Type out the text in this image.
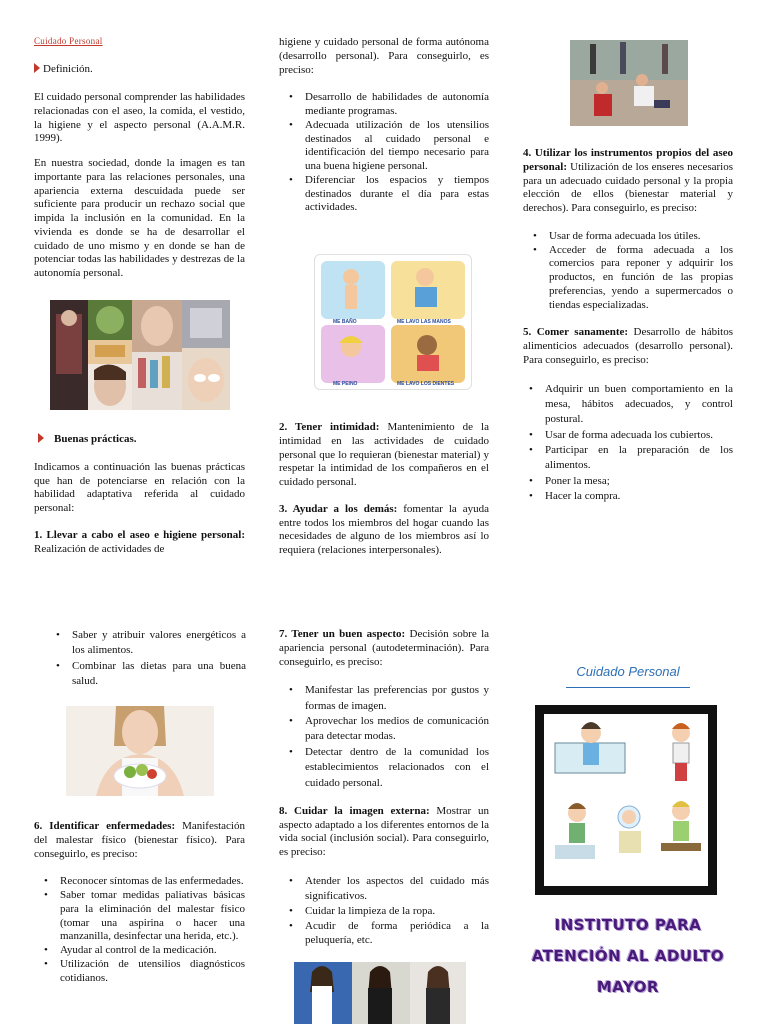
Cuidado Personal

Definición.

El cuidado personal comprender las habilidades relacionadas con el aseo, la comida, el vestido, la higiene y el aspecto personal (A.A.M.R. 1999).

En nuestra sociedad, donde la imagen es tan importante para las relaciones personales, una apariencia externa descuidada puede ser suficiente para producir un rechazo social que impida la inclusión en la comunidad. En la vivienda es donde se ha de desarrollar el cuidado de uno mismo y en donde se han de potenciar todas las habilidades y destrezas de la autonomía personal.

Buenas prácticas.

Indicamos a continuación las buenas prácticas que han de potenciarse en relación con la habilidad adaptativa referida al cuidado personal:

1. Llevar a cabo el aseo e higiene personal: Realización de actividades de

higiene y cuidado personal de forma autónoma (desarrollo personal). Para conseguirlo, es preciso:

• Desarrollo de habilidades de autonomía mediante programas.
• Adecuada utilización de los utensilios destinados al cuidado personal e identificación del tiempo necesario para una buena higiene personal.
• Diferenciar los espacios y tiempos destinados durante el día para estas actividades.
ME BAÑO	ME LAVO LAS MANOS
ME PEINO	ME LAVO LOS DIENTES

2. Tener intimidad: Mantenimiento de la intimidad en las actividades de cuidado personal que lo requieran (bienestar material) y respetar la intimidad de los compañeros en el cuidado personal.

3. Ayudar a los demás: fomentar la ayuda entre todos los miembros del hogar cuando las necesidades de alguno de los miembros así lo requiera (relaciones interpersonales).

4. Utilizar los instrumentos propios del aseo personal: Utilización de los enseres necesarios para un adecuado cuidado personal y la propia elección de ellos (bienestar material y derechos). Para conseguirlo, es preciso:

• Usar de forma adecuada los útiles.
• Acceder de forma adecuada a los comercios para reponer y adquirir los productos, en función de las propias preferencias, yendo a supermercados o tiendas especializadas.

5. Comer sanamente: Desarrollo de hábitos alimenticios adecuados (desarrollo personal). Para conseguirlo, es preciso:

• Adquirir un buen comportamiento en la mesa, hábitos adecuados, y control postural.
• Usar de forma adecuada los cubiertos.
• Participar en la preparación de los alimentos.
• Poner la mesa;
• Hacer la compra.
• Saber y atribuir valores energéticos a los alimentos.
• Combinar las dietas para una buena salud.

6. Identificar enfermedades: Manifestación del malestar físico (bienestar físico). Para conseguirlo, es preciso:

• Reconocer síntomas de las enfermedades.
• Saber tomar medidas paliativas básicas para la eliminación del malestar físico (tomar una aspirina o hacer una manzanilla, desinfectar una herida, etc.).
• Ayudar al control de la medicación.
• Utilización de utensilios diagnósticos cotidianos.

7. Tener un buen aspecto: Decisión sobre la apariencia personal (autodeterminación). Para conseguirlo, es preciso:

• Manifestar las preferencias por gustos y formas de imagen.
• Aprovechar los medios de comunicación para detectar modas.
• Detectar dentro de la comunidad los establecimientos relacionados con el cuidado personal.

8. Cuidar la imagen externa: Mostrar un aspecto adaptado a los diferentes entornos de la vida social (inclusión social). Para conseguirlo, es preciso:

• Atender los aspectos del cuidado más significativos.
• Cuidar la limpieza de la ropa.
• Acudir de forma periódica a la peluquería, etc.

Cuidado Personal

INSTITUTO PARA

ATENCIÓN AL ADULTO

MAYOR
